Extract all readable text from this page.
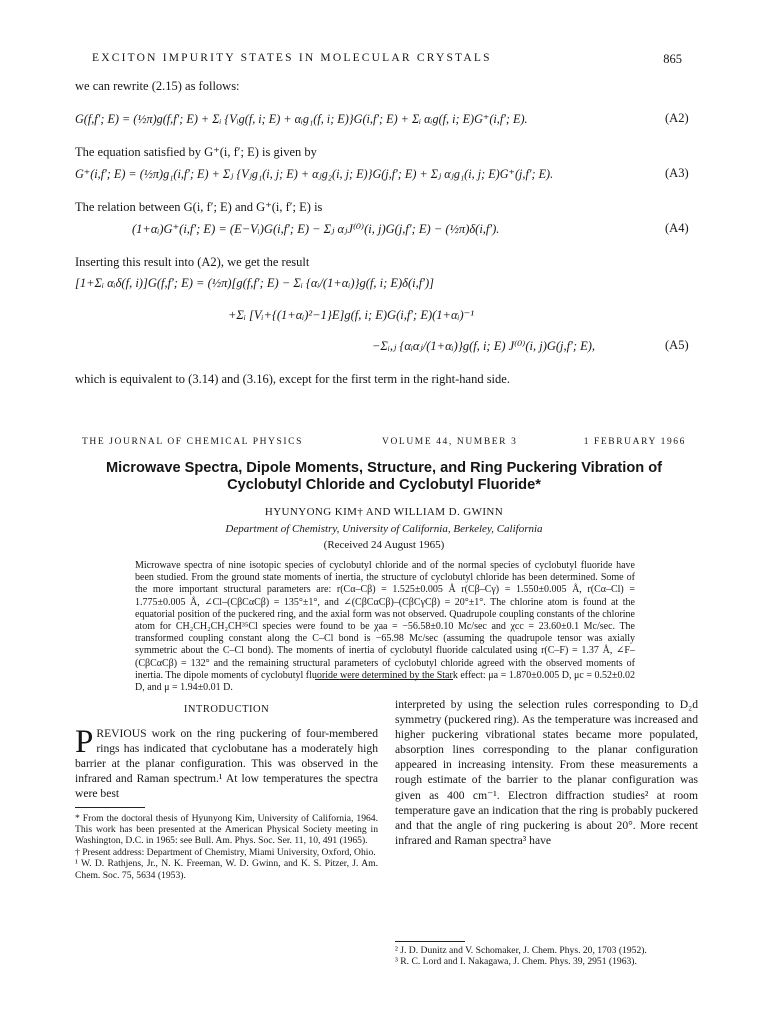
EXCITON IMPURITY STATES IN MOLECULAR CRYSTALS	865
we can rewrite (2.15) as follows:
G(f,f′; E) = (½π)g(f,f′; E) + Σᵢ {Vᵢg(f, i; E) + αᵢg₁(f, i; E)}G(i,f′; E) + Σᵢ αᵢg(f, i; E)G⁺(i,f′; E).	(A2)
The equation satisfied by G⁺(i, f′; E) is given by
G⁺(i,f′; E) = (½π)g₁(i,f′; E) + Σⱼ {Vⱼg₁(i, j; E) + αⱼg₂(i, j; E)}G(j,f′; E) + Σⱼ αⱼg₁(i, j; E)G⁺(j,f′; E).	(A3)
The relation between G(i, f′; E) and G⁺(i, f′; E) is
(1+αᵢ)G⁺(i,f′; E) = (E−Vᵢ)G(i,f′; E) − Σⱼ αⱼJ⁽⁰⁾(i, j)G(j,f′; E) − (½π)δ(i,f′).	(A4)
Inserting this result into (A2), we get the result
[1+Σᵢ αᵢδ(f, i)]G(f,f′; E) = (½π)[g(f,f′; E) − Σᵢ {αᵢ/(1+αᵢ)}g(f, i; E)δ(i,f′)]
+Σᵢ [Vᵢ+{(1+αᵢ)²−1}E]g(f, i; E)G(i,f′; E)(1+αᵢ)⁻¹
−Σᵢ,ⱼ {αᵢαⱼ/(1+αᵢ)}g(f, i; E) J⁽⁰⁾(i, j)G(j,f′; E),	(A5)
which is equivalent to (3.14) and (3.16), except for the first term in the right-hand side.
THE JOURNAL OF CHEMICAL PHYSICS	VOLUME 44, NUMBER 3	1 FEBRUARY 1966
Microwave Spectra, Dipole Moments, Structure, and Ring Puckering Vibration of
Cyclobutyl Chloride and Cyclobutyl Fluoride*
HYUNYONG KIM† AND WILLIAM D. GWINN
Department of Chemistry, University of California, Berkeley, California
(Received 24 August 1965)
Microwave spectra of nine isotopic species of cyclobutyl chloride and of the normal species of cyclobutyl fluoride have been studied. From the ground state moments of inertia, the structure of cyclobutyl chloride has been determined. Some of the more important structural parameters are: r(Cα–Cβ) = 1.525±0.005 Å r(Cβ–Cγ) = 1.550±0.005 Å, r(Cα–Cl) = 1.775±0.005 Å, ∠Cl–(CβCαCβ) = 135°±1°, and ∠(CβCαCβ)–(CβCγCβ) = 20°±1°. The chlorine atom is found at the equatorial position of the puckered ring, and the axial form was not observed. Quadrupole coupling constants of the chlorine atom for CH₂CH₂CH₂CH³⁵Cl species were found to be χaa = −56.58±0.10 Mc/sec and χcc = 23.60±0.1 Mc/sec. The transformed coupling constant along the C–Cl bond is −65.98 Mc/sec (assuming the quadrupole tensor was axially symmetric about the C–Cl bond). The moments of inertia of cyclobutyl fluoride calculated using r(C–F) = 1.37 Å, ∠F–(CβCαCβ) = 132° and the remaining structural parameters of cyclobutyl chloride agreed with the observed moments of inertia. The dipole moments of cyclobutyl fluoride were determined by the Stark effect: μa = 1.870±0.005 D, μc = 0.52±0.02 D, and μ = 1.94±0.01 D.
INTRODUCTION
PREVIOUS work on the ring puckering of four-membered rings has indicated that cyclobutane has a moderately high barrier at the planar configuration. This was observed in the infrared and Raman spectrum.¹ At low temperatures the spectra were best
* From the doctoral thesis of Hyunyong Kim, University of California, 1964. This work has been presented at the American Physical Society meeting in Washington, D.C. in 1965: see Bull. Am. Phys. Soc. Ser. 11, 10, 491 (1965).
† Present address: Department of Chemistry, Miami University, Oxford, Ohio.
¹ W. D. Rathjens, Jr., N. K. Freeman, W. D. Gwinn, and K. S. Pitzer, J. Am. Chem. Soc. 75, 5634 (1953).
interpreted by using the selection rules corresponding to D₂d symmetry (puckered ring). As the temperature was increased and higher puckering vibrational states became more populated, absorption lines corresponding to the planar configuration appeared in increasing intensity. From these measurements a rough estimate of the barrier to the planar configuration was given as 400 cm⁻¹. Electron diffraction studies² at room temperature gave an indication that the ring is probably puckered and that the angle of ring puckering is about 20°. More recent infrared and Raman spectra³ have
² J. D. Dunitz and V. Schomaker, J. Chem. Phys. 20, 1703 (1952).
³ R. C. Lord and I. Nakagawa, J. Chem. Phys. 39, 2951 (1963).
